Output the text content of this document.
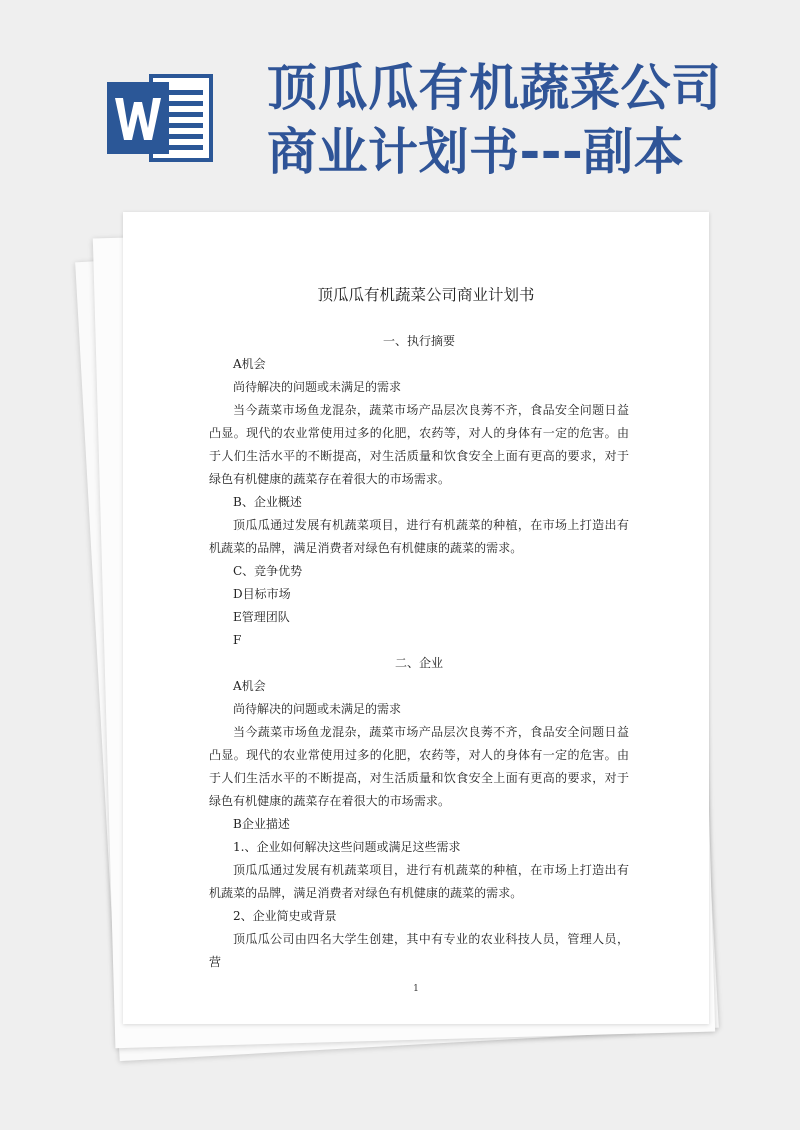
顶瓜瓜有机蔬菜公司商业计划书---副本
顶瓜瓜有机蔬菜公司商业计划书

一、执行摘要

A机会

尚待解决的问题或未满足的需求

当今蔬菜市场鱼龙混杂，蔬菜市场产品层次良莠不齐，食品安全问题日益凸显。现代的农业常使用过多的化肥，农药等，对人的身体有一定的危害。由于人们生活水平的不断提高，对生活质量和饮食安全上面有更高的要求，对于绿色有机健康的蔬菜存在着很大的市场需求。

B、企业概述

顶瓜瓜通过发展有机蔬菜项目，进行有机蔬菜的种植，在市场上打造出有机蔬菜的品牌，满足消费者对绿色有机健康的蔬菜的需求。

C、竞争优势

D目标市场

E管理团队

F

二、企业

A机会

尚待解决的问题或未满足的需求

当今蔬菜市场鱼龙混杂，蔬菜市场产品层次良莠不齐，食品安全问题日益凸显。现代的农业常使用过多的化肥，农药等，对人的身体有一定的危害。由于人们生活水平的不断提高，对生活质量和饮食安全上面有更高的要求，对于绿色有机健康的蔬菜存在着很大的市场需求。

B企业描述

1.、企业如何解决这些问题或满足这些需求

顶瓜瓜通过发展有机蔬菜项目，进行有机蔬菜的种植，在市场上打造出有机蔬菜的品牌，满足消费者对绿色有机健康的蔬菜的需求。

2、企业简史或背景

顶瓜瓜公司由四名大学生创建，其中有专业的农业科技人员，管理人员，营

1
